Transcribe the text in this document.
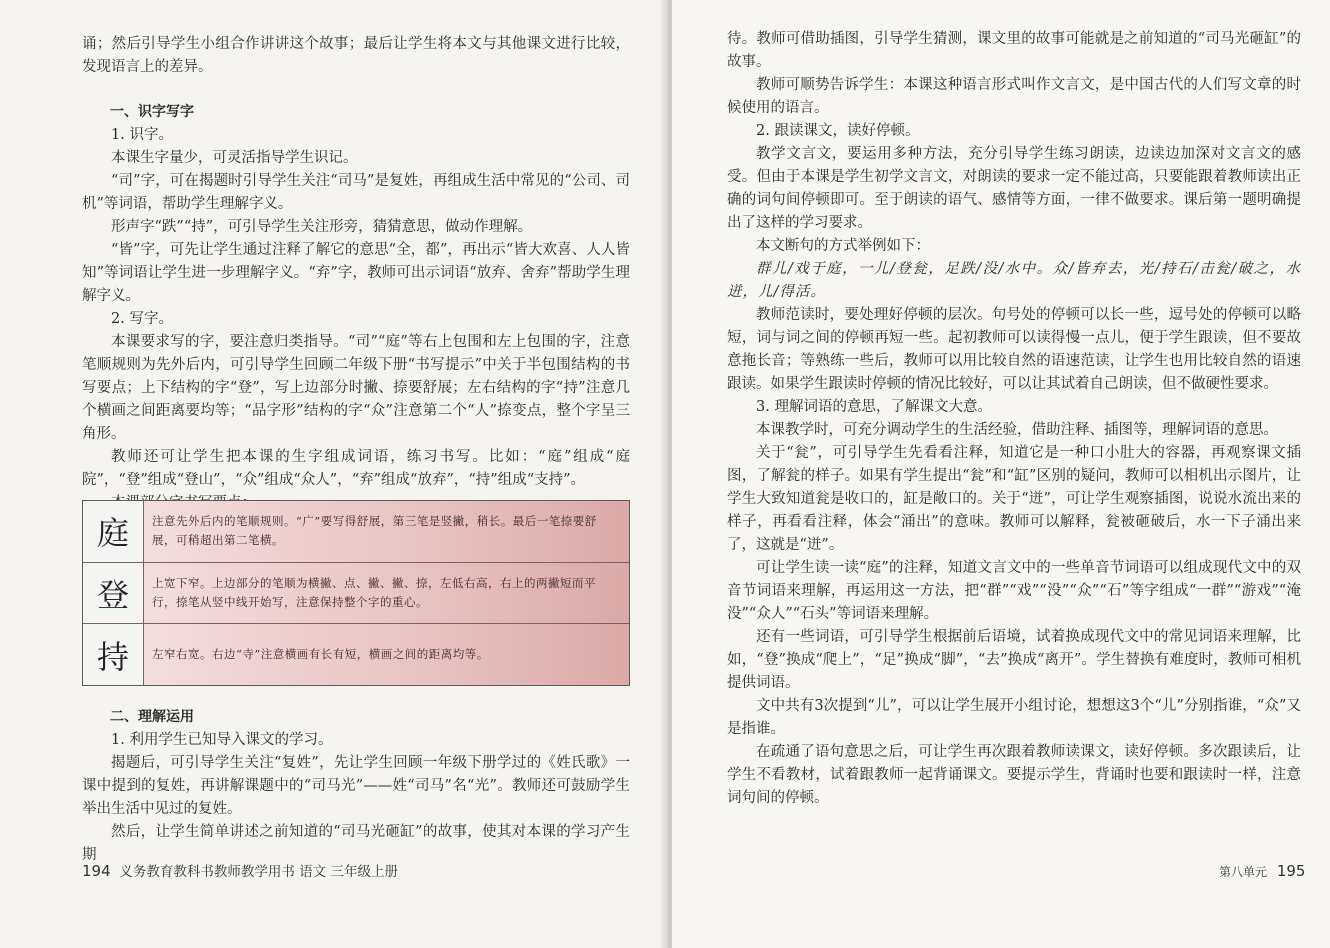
诵；然后引导学生小组合作讲讲这个故事；最后让学生将本文与其他课文进行比较，发现语言上的差异。

一、识字写字

1. 识字。

本课生字量少，可灵活指导学生识记。

“司”字，可在揭题时引导学生关注“司马”是复姓，再组成生活中常见的“公司、司机”等词语，帮助学生理解字义。

形声字“跌”“持”，可引导学生关注形旁，猜猜意思，做动作理解。

“皆”字，可先让学生通过注释了解它的意思“全，都”，再出示“皆大欢喜、人人皆知”等词语让学生进一步理解字义。“弃”字，教师可出示词语“放弃、舍弃”帮助学生理解字义。

2. 写字。

本课要求写的字，要注意归类指导。“司”“庭”等右上包围和左上包围的字，注意笔顺规则为先外后内，可引导学生回顾二年级下册“书写提示”中关于半包围结构的书写要点；上下结构的字“登”，写上边部分时撇、捺要舒展；左右结构的字“持”注意几个横画之间距离要均等；“品字形”结构的字“众”注意第二个“人”捺变点，整个字呈三角形。

教师还可让学生把本课的生字组成词语，练习书写。比如：“庭”组成“庭院”，“登”组成“登山”，“众”组成“众人”，“弃”组成“放弃”，“持”组成“支持”。

庭	注意先外后内的笔顺规则。“广”要写得舒展，第三笔是竖撇，稍长。最后一笔捺要舒展，可稍超出第二笔横。
登	上宽下窄。上边部分的笔顺为横撇、点、撇、撇、捺，左低右高，右上的两撇短而平行，捺笔从竖中线开始写，注意保持整个字的重心。
持	左窄右宽。右边“寺”注意横画有长有短，横画之间的距离均等。

二、理解运用

1. 利用学生已知导入课文的学习。

揭题后，可引导学生关注“复姓”，先让学生回顾一年级下册学过的《姓氏歌》一课中提到的复姓，再讲解课题中的“司马光”——姓“司马”名“光”。教师还可鼓励学生举出生活中见过的复姓。

然后，让学生简单讲述之前知道的“司马光砸缸”的故事，使其对本课的学习产生期

194 义务教育教科书教师教学用书 语文 三年级上册

待。教师可借助插图，引导学生猜测，课文里的故事可能就是之前知道的“司马光砸缸”的故事。

教师可顺势告诉学生：本课这种语言形式叫作文言文，是中国古代的人们写文章的时候使用的语言。

2. 跟读课文，读好停顿。

教学文言文，要运用多种方法，充分引导学生练习朗读，边读边加深对文言文的感受。但由于本课是学生初学文言文，对朗读的要求一定不能过高，只要能跟着教师读出正确的词句间停顿即可。至于朗读的语气、感情等方面，一律不做要求。课后第一题明确提出了这样的学习要求。

本文断句的方式举例如下：

群儿/戏于庭，一儿/登瓮，足跌/没/水中。众/皆弃去，光/持石/击瓮/破之，水迸，儿/得活。

教师范读时，要处理好停顿的层次。句号处的停顿可以长一些，逗号处的停顿可以略短，词与词之间的停顿再短一些。起初教师可以读得慢一点儿，便于学生跟读，但不要故意拖长音；等熟练一些后，教师可以用比较自然的语速范读，让学生也用比较自然的语速跟读。如果学生跟读时停顿的情况比较好，可以让其试着自己朗读，但不做硬性要求。

3. 理解词语的意思，了解课文大意。

本课教学时，可充分调动学生的生活经验，借助注释、插图等，理解词语的意思。

关于“瓮”，可引导学生先看看注释，知道它是一种口小肚大的容器，再观察课文插图，了解瓮的样子。如果有学生提出“瓮”和“缸”区别的疑问，教师可以相机出示图片，让学生大致知道瓮是收口的，缸是敞口的。关于“迸”，可让学生观察插图，说说水流出来的样子，再看看注释，体会“涌出”的意味。教师可以解释，瓮被砸破后，水一下子涌出来了，这就是“迸”。

可让学生读一读“庭”的注释，知道文言文中的一些单音节词语可以组成现代文中的双音节词语来理解，再运用这一方法，把“群”“戏”“没”“众”“石”等字组成“一群”“游戏”“淹没”“众人”“石头”等词语来理解。

还有一些词语，可引导学生根据前后语境，试着换成现代文中的常见词语来理解，比如，“登”换成“爬上”，“足”换成“脚”，“去”换成“离开”。学生替换有难度时，教师可相机提供词语。

文中共有3次提到“儿”，可以让学生展开小组讨论，想想这3个“儿”分别指谁，“众”又是指谁。

在疏通了语句意思之后，可让学生再次跟着教师读课文，读好停顿。多次跟读后，让学生不看教材，试着跟教师一起背诵课文。要提示学生，背诵时也要和跟读时一样，注意词句间的停顿。

第八单元 195
